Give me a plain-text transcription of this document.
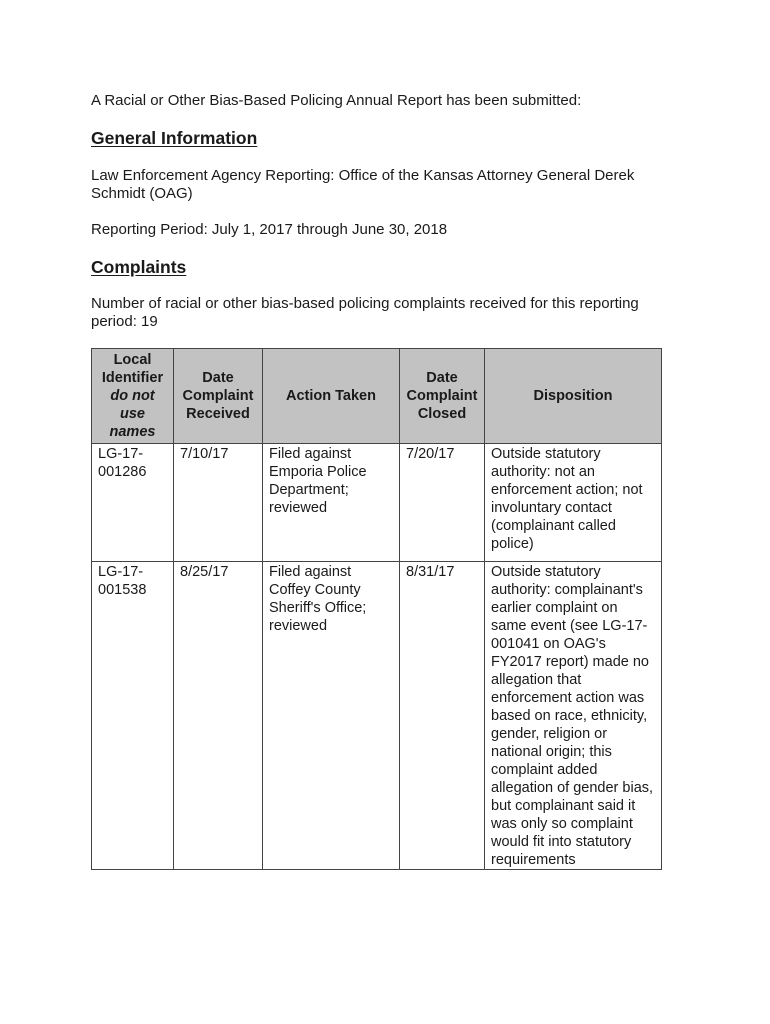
A Racial or Other Bias-Based Policing Annual Report has been submitted:
General Information
Law Enforcement Agency Reporting: Office of the Kansas Attorney General Derek Schmidt (OAG)
Reporting Period: July 1, 2017 through June 30, 2018
Complaints
Number of racial or other bias-based policing complaints received for this reporting period: 19
Local Identifier
do not use names	Date Complaint Received	Action Taken	Date Complaint Closed	Disposition
LG-17-001286	7/10/17	Filed against Emporia Police Department; reviewed	7/20/17	Outside statutory authority: not an enforcement action; not involuntary contact (complainant called police)
LG-17-001538	8/25/17	Filed against Coffey County Sheriff's Office; reviewed	8/31/17	Outside statutory authority: complainant's earlier complaint on same event (see LG-17-001041 on OAG's FY2017 report) made no allegation that enforcement action was based on race, ethnicity, gender, religion or national origin; this complaint added allegation of gender bias, but complainant said it was only so complaint would fit into statutory requirements
